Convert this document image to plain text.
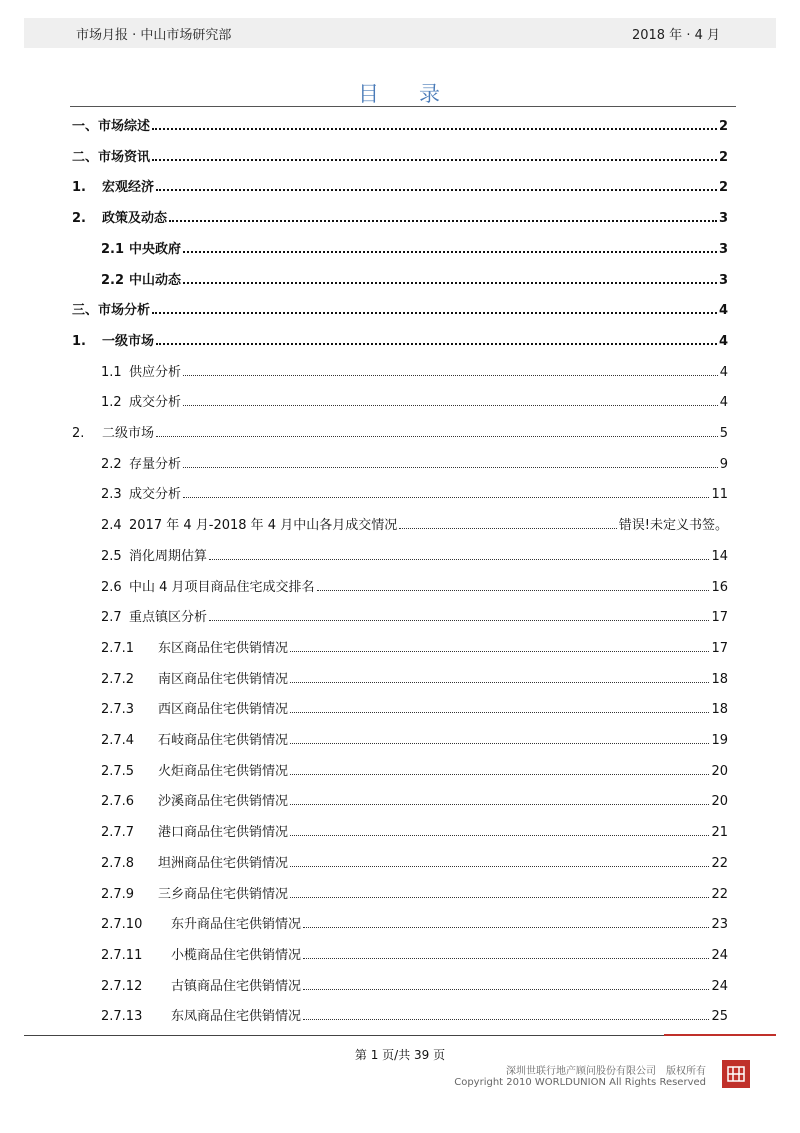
市场月报 · 中山市场研究部	2018 年 · 4 月
目 录
一、市场综述	2
二、市场资讯	2
1.	宏观经济	2
2.	政策及动态	3
2.1 中央政府	3
2.2 中山动态	3
三、市场分析	4
1.	一级市场	4
1.1 供应分析	4
1.2 成交分析	4
2.	二级市场	5
2.2 存量分析	9
2.3 成交分析	11
2.4 2017 年 4 月-2018 年 4 月中山各月成交情况	错误!未定义书签。
2.5 消化周期估算	14
2.6 中山 4 月项目商品住宅成交排名	16
2.7 重点镇区分析	17
2.7.1	东区商品住宅供销情况	17
2.7.2	南区商品住宅供销情况	18
2.7.3	西区商品住宅供销情况	18
2.7.4	石岐商品住宅供销情况	19
2.7.5	火炬商品住宅供销情况	20
2.7.6	沙溪商品住宅供销情况	20
2.7.7	港口商品住宅供销情况	21
2.7.8	坦洲商品住宅供销情况	22
2.7.9	三乡商品住宅供销情况	22
2.7.10	东升商品住宅供销情况	23
2.7.11	小榄商品住宅供销情况	24
2.7.12	古镇商品住宅供销情况	24
2.7.13	东凤商品住宅供销情况	25
第 1 页/共 39 页
深圳世联行地产顾问股份有限公司　版权所有
Copyright 2010 WORLDUNION All Rights Reserved
